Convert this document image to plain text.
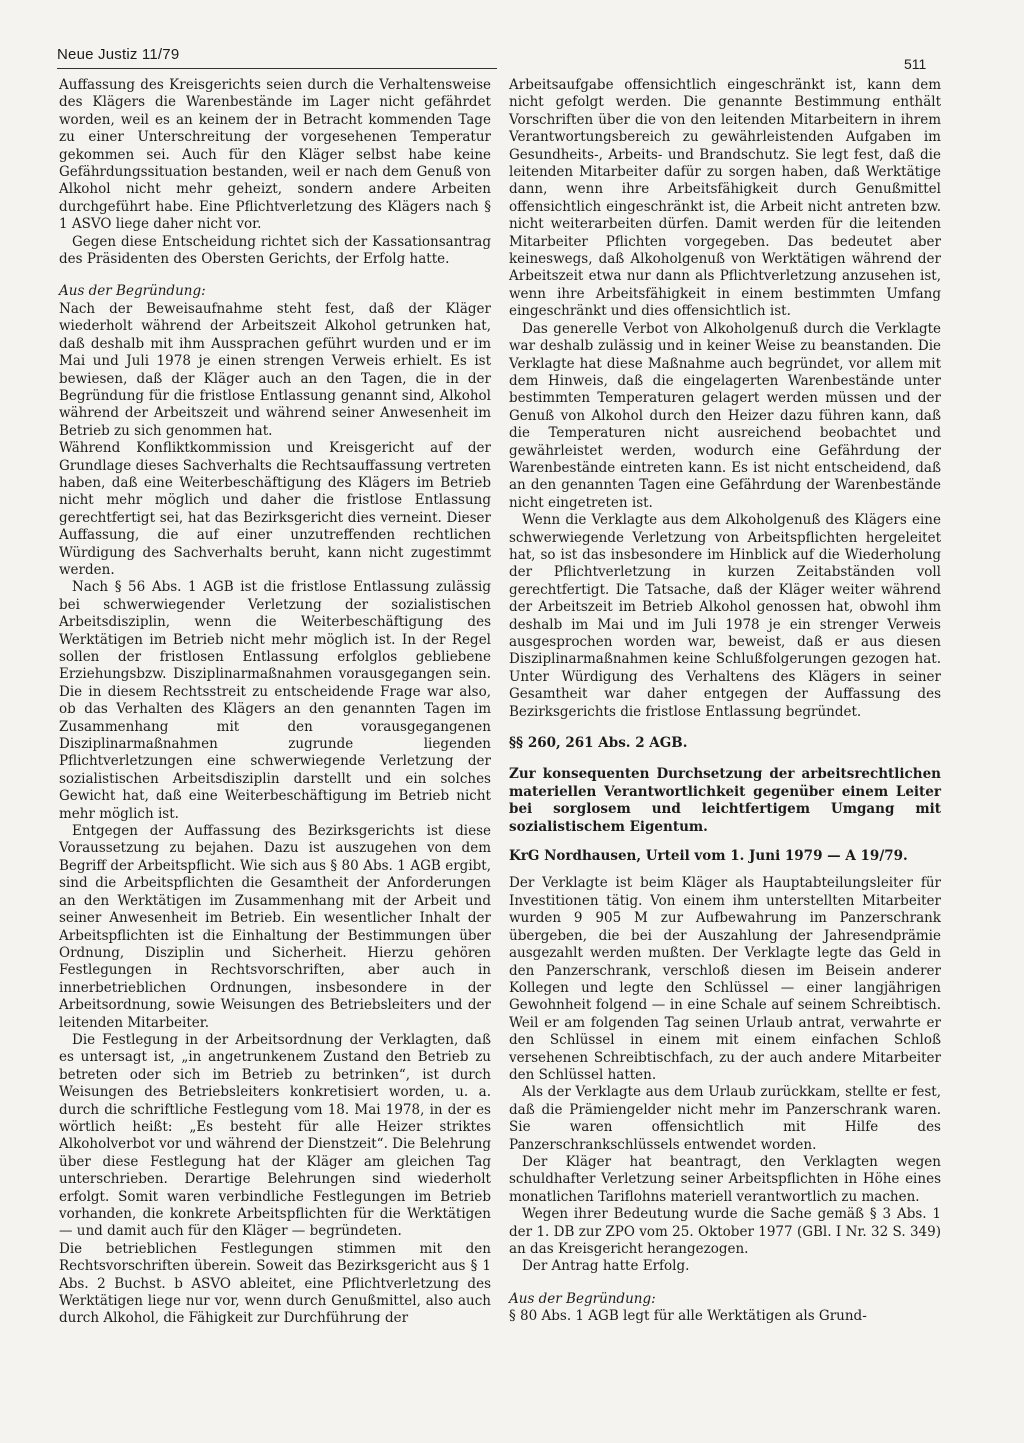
Neue Justiz 11/79
511

Auffassung des Kreisgerichts seien durch die Verhaltensweise des Klägers die Warenbestände im Lager nicht gefährdet worden, weil es an keinem der in Betracht kommenden Tage zu einer Unterschreitung der vorgesehenen Temperatur gekommen sei. Auch für den Kläger selbst habe keine Gefährdungssituation bestanden, weil er nach dem Genuß von Alkohol nicht mehr geheizt, sondern andere Arbeiten durchgeführt habe. Eine Pflichtverletzung des Klägers nach § 1 ASVO liege daher nicht vor.

Gegen diese Entscheidung richtet sich der Kassationsantrag des Präsidenten des Obersten Gerichts, der Erfolg hatte.

Aus der Begründung:

Nach der Beweisaufnahme steht fest, daß der Kläger wiederholt während der Arbeitszeit Alkohol getrunken hat, daß deshalb mit ihm Aussprachen geführt wurden und er im Mai und Juli 1978 je einen strengen Verweis erhielt. Es ist bewiesen, daß der Kläger auch an den Tagen, die in der Begründung für die fristlose Entlassung genannt sind, Alkohol während der Arbeitszeit und während seiner Anwesenheit im Betrieb zu sich genommen hat.

Während Konfliktkommission und Kreisgericht auf der Grundlage dieses Sachverhalts die Rechtsauffassung vertreten haben, daß eine Weiterbeschäftigung des Klägers im Betrieb nicht mehr möglich und daher die fristlose Entlassung gerechtfertigt sei, hat das Bezirksgericht dies verneint. Dieser Auffassung, die auf einer unzutreffenden rechtlichen Würdigung des Sachverhalts beruht, kann nicht zugestimmt werden.

Nach § 56 Abs. 1 AGB ist die fristlose Entlassung zulässig bei schwerwiegender Verletzung der sozialistischen Arbeitsdisziplin, wenn die Weiterbeschäftigung des Werktätigen im Betrieb nicht mehr möglich ist. In der Regel sollen der fristlosen Entlassung erfolglos gebliebene Erziehungsbzw. Disziplinarmaßnahmen vorausgegangen sein. Die in diesem Rechtsstreit zu entscheidende Frage war also, ob das Verhalten des Klägers an den genannten Tagen im Zusammenhang mit den vorausgegangenen Disziplinarmaßnahmen zugrunde liegenden Pflichtverletzungen eine schwerwiegende Verletzung der sozialistischen Arbeitsdisziplin darstellt und ein solches Gewicht hat, daß eine Weiterbeschäftigung im Betrieb nicht mehr möglich ist.

Entgegen der Auffassung des Bezirksgerichts ist diese Voraussetzung zu bejahen. Dazu ist auszugehen von dem Begriff der Arbeitspflicht. Wie sich aus § 80 Abs. 1 AGB ergibt, sind die Arbeitspflichten die Gesamtheit der Anforderungen an den Werktätigen im Zusammenhang mit der Arbeit und seiner Anwesenheit im Betrieb. Ein wesentlicher Inhalt der Arbeitspflichten ist die Einhaltung der Bestimmungen über Ordnung, Disziplin und Sicherheit. Hierzu gehören Festlegungen in Rechtsvorschriften, aber auch in innerbetrieblichen Ordnungen, insbesondere in der Arbeitsordnung, sowie Weisungen des Betriebsleiters und der leitenden Mitarbeiter.

Die Festlegung in der Arbeitsordnung der Verklagten, daß es untersagt ist, „in angetrunkenem Zustand den Betrieb zu betreten oder sich im Betrieb zu betrinken“, ist durch Weisungen des Betriebsleiters konkretisiert worden, u. a. durch die schriftliche Festlegung vom 18. Mai 1978, in der es wörtlich heißt: „Es besteht für alle Heizer striktes Alkoholverbot vor und während der Dienstzeit“. Die Belehrung über diese Festlegung hat der Kläger am gleichen Tag unterschrieben. Derartige Belehrungen sind wiederholt erfolgt. Somit waren verbindliche Festlegungen im Betrieb vorhanden, die konkrete Arbeitspflichten für die Werktätigen — und damit auch für den Kläger — begründeten.

Die betrieblichen Festlegungen stimmen mit den Rechtsvorschriften überein. Soweit das Bezirksgericht aus § 1 Abs. 2 Buchst. b ASVO ableitet, eine Pflichtverletzung des Werktätigen liege nur vor, wenn durch Genußmittel, also auch durch Alkohol, die Fähigkeit zur Durchführung der

Arbeitsaufgabe offensichtlich eingeschränkt ist, kann dem nicht gefolgt werden. Die genannte Bestimmung enthält Vorschriften über die von den leitenden Mitarbeitern in ihrem Verantwortungsbereich zu gewährleistenden Aufgaben im Gesundheits-, Arbeits- und Brandschutz. Sie legt fest, daß die leitenden Mitarbeiter dafür zu sorgen haben, daß Werktätige dann, wenn ihre Arbeitsfähigkeit durch Genußmittel offensichtlich eingeschränkt ist, die Arbeit nicht antreten bzw. nicht weiterarbeiten dürfen. Damit werden für die leitenden Mitarbeiter Pflichten vorgegeben. Das bedeutet aber keineswegs, daß Alkoholgenuß von Werktätigen während der Arbeitszeit etwa nur dann als Pflichtverletzung anzusehen ist, wenn ihre Arbeitsfähigkeit in einem bestimmten Umfang eingeschränkt und dies offensichtlich ist.

Das generelle Verbot von Alkoholgenuß durch die Verklagte war deshalb zulässig und in keiner Weise zu beanstanden. Die Verklagte hat diese Maßnahme auch begründet, vor allem mit dem Hinweis, daß die eingelagerten Warenbestände unter bestimmten Temperaturen gelagert werden müssen und der Genuß von Alkohol durch den Heizer dazu führen kann, daß die Temperaturen nicht ausreichend beobachtet und gewährleistet werden, wodurch eine Gefährdung der Warenbestände eintreten kann. Es ist nicht entscheidend, daß an den genannten Tagen eine Gefährdung der Warenbestände nicht eingetreten ist.

Wenn die Verklagte aus dem Alkoholgenuß des Klägers eine schwerwiegende Verletzung von Arbeitspflichten hergeleitet hat, so ist das insbesondere im Hinblick auf die Wiederholung der Pflichtverletzung in kurzen Zeitabständen voll gerechtfertigt. Die Tatsache, daß der Kläger weiter während der Arbeitszeit im Betrieb Alkohol genossen hat, obwohl ihm deshalb im Mai und im Juli 1978 je ein strenger Verweis ausgesprochen worden war, beweist, daß er aus diesen Disziplinarmaßnahmen keine Schlußfolgerungen gezogen hat. Unter Würdigung des Verhaltens des Klägers in seiner Gesamtheit war daher entgegen der Auffassung des Bezirksgerichts die fristlose Entlassung begründet.

§§ 260, 261 Abs. 2 AGB.

Zur konsequenten Durchsetzung der arbeitsrechtlichen materiellen Verantwortlichkeit gegenüber einem Leiter bei sorglosem und leichtfertigem Umgang mit sozialistischem Eigentum.

KrG Nordhausen, Urteil vom 1. Juni 1979 — A 19/79.

Der Verklagte ist beim Kläger als Hauptabteilungsleiter für Investitionen tätig. Von einem ihm unterstellten Mitarbeiter wurden 9 905 M zur Aufbewahrung im Panzerschrank übergeben, die bei der Auszahlung der Jahresendprämie ausgezahlt werden mußten. Der Verklagte legte das Geld in den Panzerschrank, verschloß diesen im Beisein anderer Kollegen und legte den Schlüssel — einer langjährigen Gewohnheit folgend — in eine Schale auf seinem Schreibtisch. Weil er am folgenden Tag seinen Urlaub antrat, verwahrte er den Schlüssel in einem mit einem einfachen Schloß versehenen Schreibtischfach, zu der auch andere Mitarbeiter den Schlüssel hatten.

Als der Verklagte aus dem Urlaub zurückkam, stellte er fest, daß die Prämiengelder nicht mehr im Panzerschrank waren. Sie waren offensichtlich mit Hilfe des Panzerschrankschlüssels entwendet worden.

Der Kläger hat beantragt, den Verklagten wegen schuldhafter Verletzung seiner Arbeitspflichten in Höhe eines monatlichen Tariflohns materiell verantwortlich zu machen.

Wegen ihrer Bedeutung wurde die Sache gemäß § 3 Abs. 1 der 1. DB zur ZPO vom 25. Oktober 1977 (GBl. I Nr. 32 S. 349) an das Kreisgericht herangezogen.

Der Antrag hatte Erfolg.

Aus der Begründung:

§ 80 Abs. 1 AGB legt für alle Werktätigen als Grund-
